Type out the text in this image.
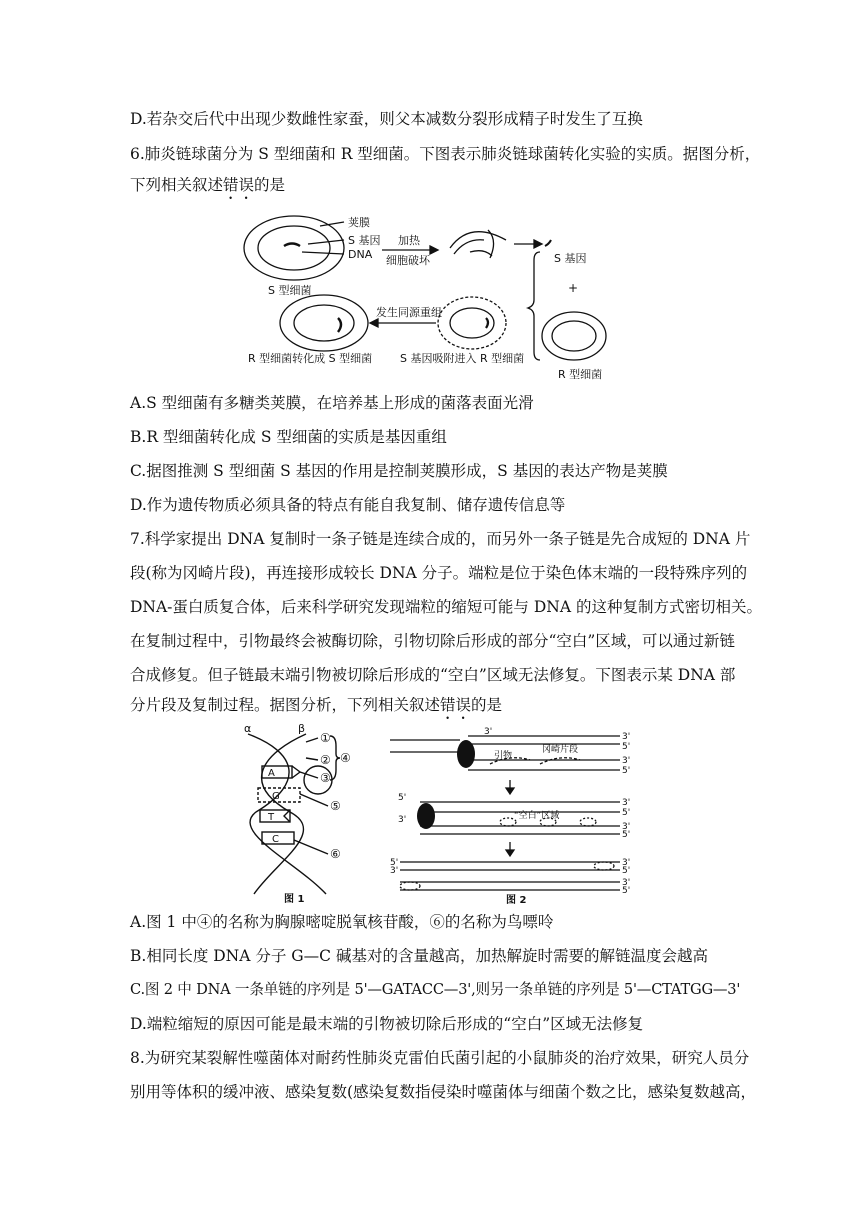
D.若杂交后代中出现少数雌性家蚕，则父本减数分裂形成精子时发生了互换
6.肺炎链球菌分为 S 型细菌和 R 型细菌。下图表示肺炎链球菌转化实验的实质。据图分析，
下列相关叙述错误的是
荚膜
S 基因
DNA
S 型细菌
加热
细胞破坏	S 基因
+
R 型细菌
发生同源重组
S 基因吸附进入 R 型细菌
R 型细菌转化成 S 型细菌
A.S 型细菌有多糖类荚膜，在培养基上形成的菌落表面光滑
B.R 型细菌转化成 S 型细菌的实质是基因重组
C.据图推测 S 型细菌 S 基因的作用是控制荚膜形成，S 基因的表达产物是荚膜
D.作为遗传物质必须具备的特点有能自我复制、储存遗传信息等
7.科学家提出 DNA 复制时一条子链是连续合成的，而另外一条子链是先合成短的 DNA 片
段(称为冈崎片段)，再连接形成较长 DNA 分子。端粒是位于染色体末端的一段特殊序列的
DNA-蛋白质复合体，后来科学研究发现端粒的缩短可能与 DNA 的这种复制方式密切相关。
在复制过程中，引物最终会被酶切除，引物切除后形成的部分“空白”区域，可以通过新链
合成修复。但子链最末端引物被切除后形成的“空白”区域无法修复。下图表示某 DNA 部
分片段及复制过程。据图分析，下列相关叙述错误的是
α	β
①
②
③
④
⑤
⑥
A
G
T
C
图 1
3'	3'
5'
3'
5'
冈崎片段
引物
5'
3'	“空白”区域
3'
5'
3'
5'
5'
3'
3'
5'
3'
5'
图 2
A.图 1 中④的名称为胸腺嘧啶脱氧核苷酸，⑥的名称为鸟嘌呤
B.相同长度 DNA 分子 G—C 碱基对的含量越高，加热解旋时需要的解链温度会越高
C.图 2 中 DNA 一条单链的序列是 5'—GATACC—3',则另一条单链的序列是 5'—CTATGG—3'
D.端粒缩短的原因可能是最末端的引物被切除后形成的“空白”区域无法修复
8.为研究某裂解性噬菌体对耐药性肺炎克雷伯氏菌引起的小鼠肺炎的治疗效果，研究人员分
别用等体积的缓冲液、感染复数(感染复数指侵染时噬菌体与细菌个数之比，感染复数越高，
